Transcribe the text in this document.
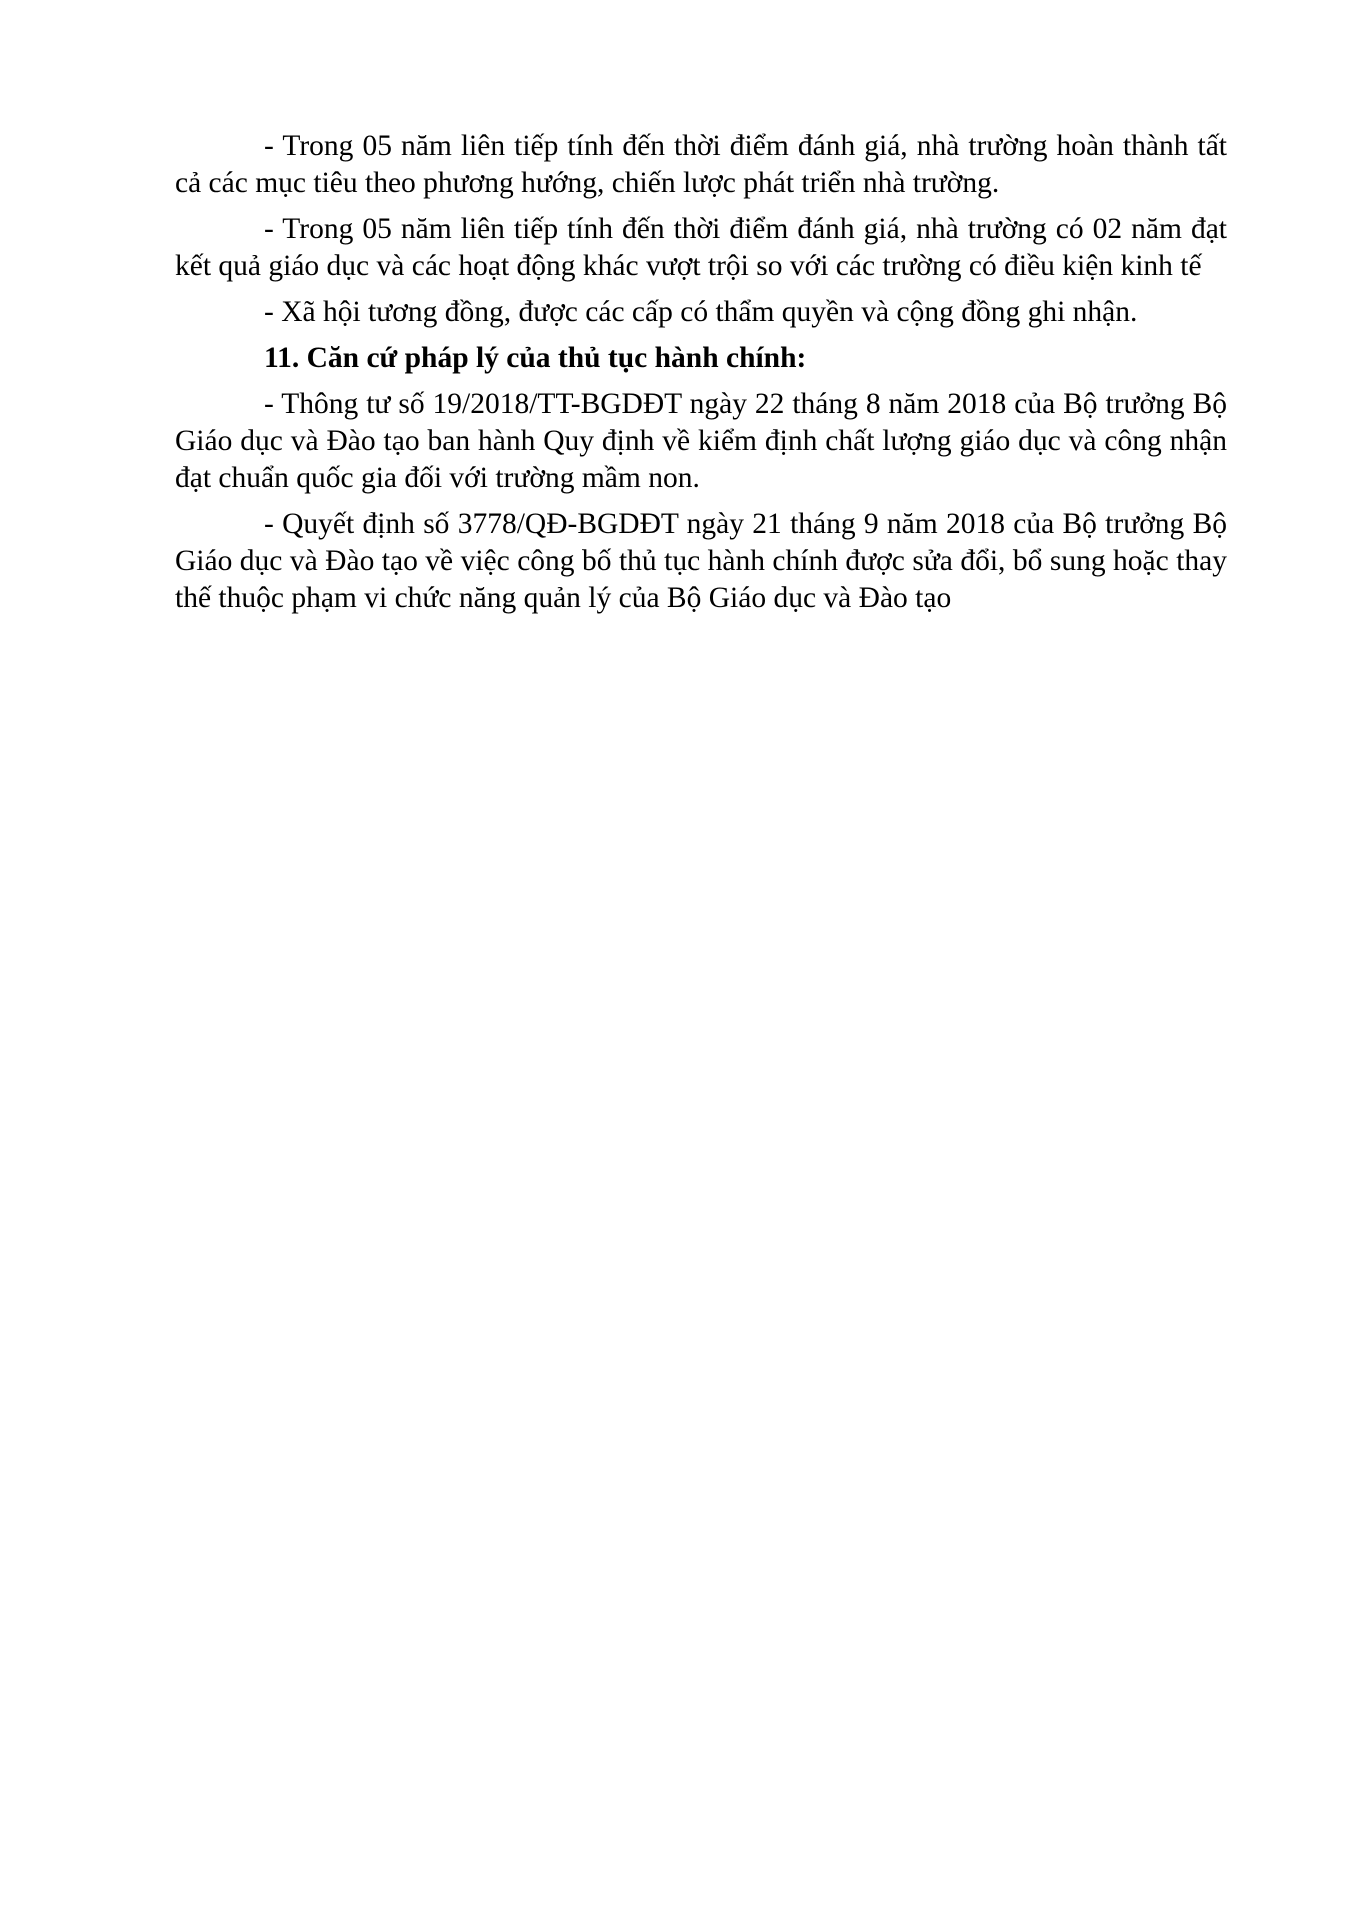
- Trong 05 năm liên tiếp tính đến thời điểm đánh giá, nhà trường hoàn thành tất cả các mục tiêu theo phương hướng, chiến lược phát triển nhà trường.

- Trong 05 năm liên tiếp tính đến thời điểm đánh giá, nhà trường có 02 năm đạt kết quả giáo dục và các hoạt động khác vượt trội so với các trường có điều kiện kinh tế

- Xã hội tương đồng, được các cấp có thẩm quyền và cộng đồng ghi nhận.

11. Căn cứ pháp lý của thủ tục hành chính:

- Thông tư số 19/2018/TT-BGDĐT ngày 22 tháng 8 năm 2018 của Bộ trưởng Bộ Giáo dục và Đào tạo ban hành Quy định về kiểm định chất lượng giáo dục và công nhận đạt chuẩn quốc gia đối với trường mầm non.

- Quyết định số 3778/QĐ-BGDĐT ngày 21 tháng 9 năm 2018 của Bộ trưởng Bộ Giáo dục và Đào tạo về việc công bố thủ tục hành chính được sửa đổi, bổ sung hoặc thay thế thuộc phạm vi chức năng quản lý của Bộ Giáo dục và Đào tạo
